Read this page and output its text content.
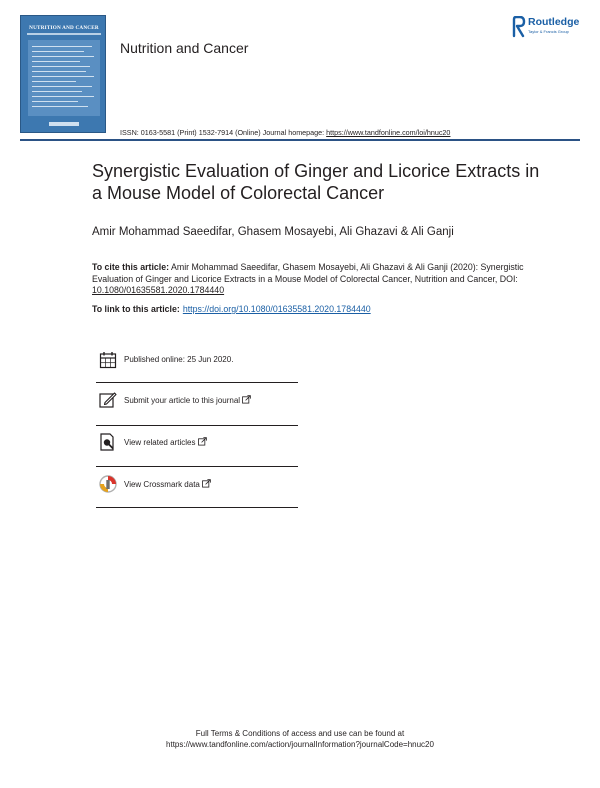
NUTRITION AND CANCER
Nutrition and Cancer
Routledge
Taylor & Francis Group
ISSN: 0163-5581 (Print) 1532-7914 (Online) Journal homepage: https://www.tandfonline.com/loi/hnuc20
Synergistic Evaluation of Ginger and Licorice Extracts in a Mouse Model of Colorectal Cancer
Amir Mohammad Saeedifar, Ghasem Mosayebi, Ali Ghazavi & Ali Ganji
To cite this article: Amir Mohammad Saeedifar, Ghasem Mosayebi, Ali Ghazavi & Ali Ganji (2020): Synergistic Evaluation of Ginger and Licorice Extracts in a Mouse Model of Colorectal Cancer, Nutrition and Cancer, DOI: 10.1080/01635581.2020.1784440
To link to this article: https://doi.org/10.1080/01635581.2020.1784440
Published online: 25 Jun 2020.
Submit your article to this journal
View related articles
View Crossmark data
Full Terms & Conditions of access and use can be found at
https://www.tandfonline.com/action/journalInformation?journalCode=hnuc20
